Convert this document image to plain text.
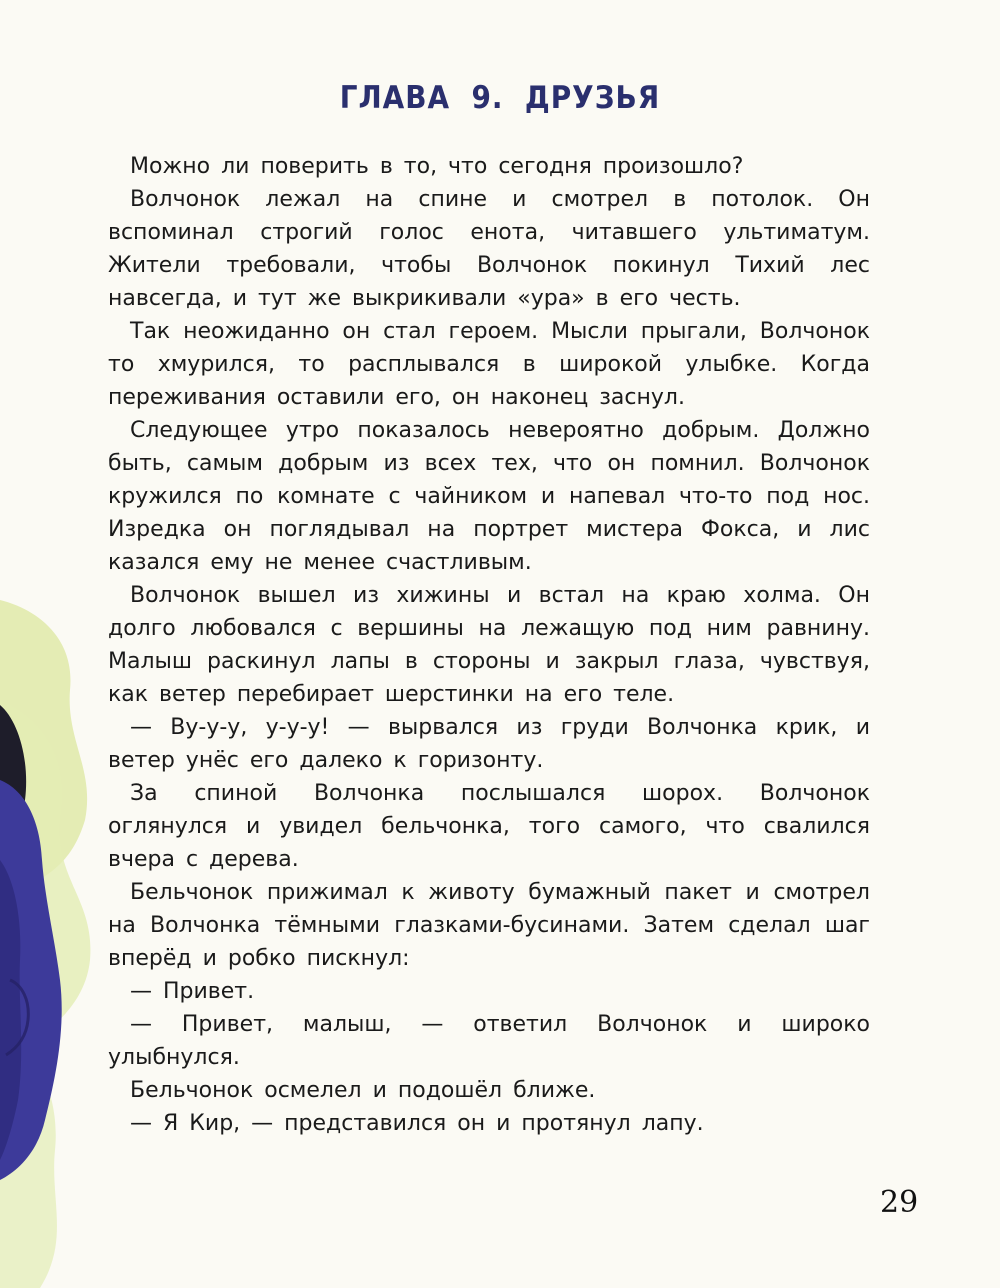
ГЛАВА  9.  ДРУЗЬЯ

Можно ли поверить в то, что сегодня произошло?

Волчонок лежал на спине и смотрел в потолок. Он вспоминал строгий голос енота, читавшего ультиматум. Жители требовали, чтобы Волчонок покинул Тихий лес навсегда, и тут же выкрикивали «ура» в его честь.

Так неожиданно он стал героем. Мысли прыгали, Волчонок то хмурился, то расплывался в широкой улыбке. Когда переживания оставили его, он наконец заснул.

Следующее утро показалось невероятно добрым. Должно быть, самым добрым из всех тех, что он помнил. Волчонок кружился по комнате с чайником и напевал что-то под нос. Изредка он поглядывал на портрет мистера Фокса, и лис казался ему не менее счастливым.

Волчонок вышел из хижины и встал на краю холма. Он долго любовался с вершины на лежащую под ним равнину. Малыш раскинул лапы в стороны и закрыл глаза, чувствуя, как ветер перебирает шерстинки на его теле.

— Ву-у-у, у-у-у! — вырвался из груди Волчонка крик, и ветер унёс его далеко к горизонту.

За спиной Волчонка послышался шорох. Волчонок оглянулся и увидел бельчонка, того самого, что свалился вчера с дерева.

Бельчонок прижимал к животу бумажный пакет и смотрел на Волчонка тёмными глазками-бусинами. Затем сделал шаг вперёд и робко пискнул:

— Привет.

— Привет, малыш, — ответил Волчонок и широко улыбнулся.

Бельчонок осмелел и подошёл ближе.

— Я Кир, — представился он и протянул лапу.

29
